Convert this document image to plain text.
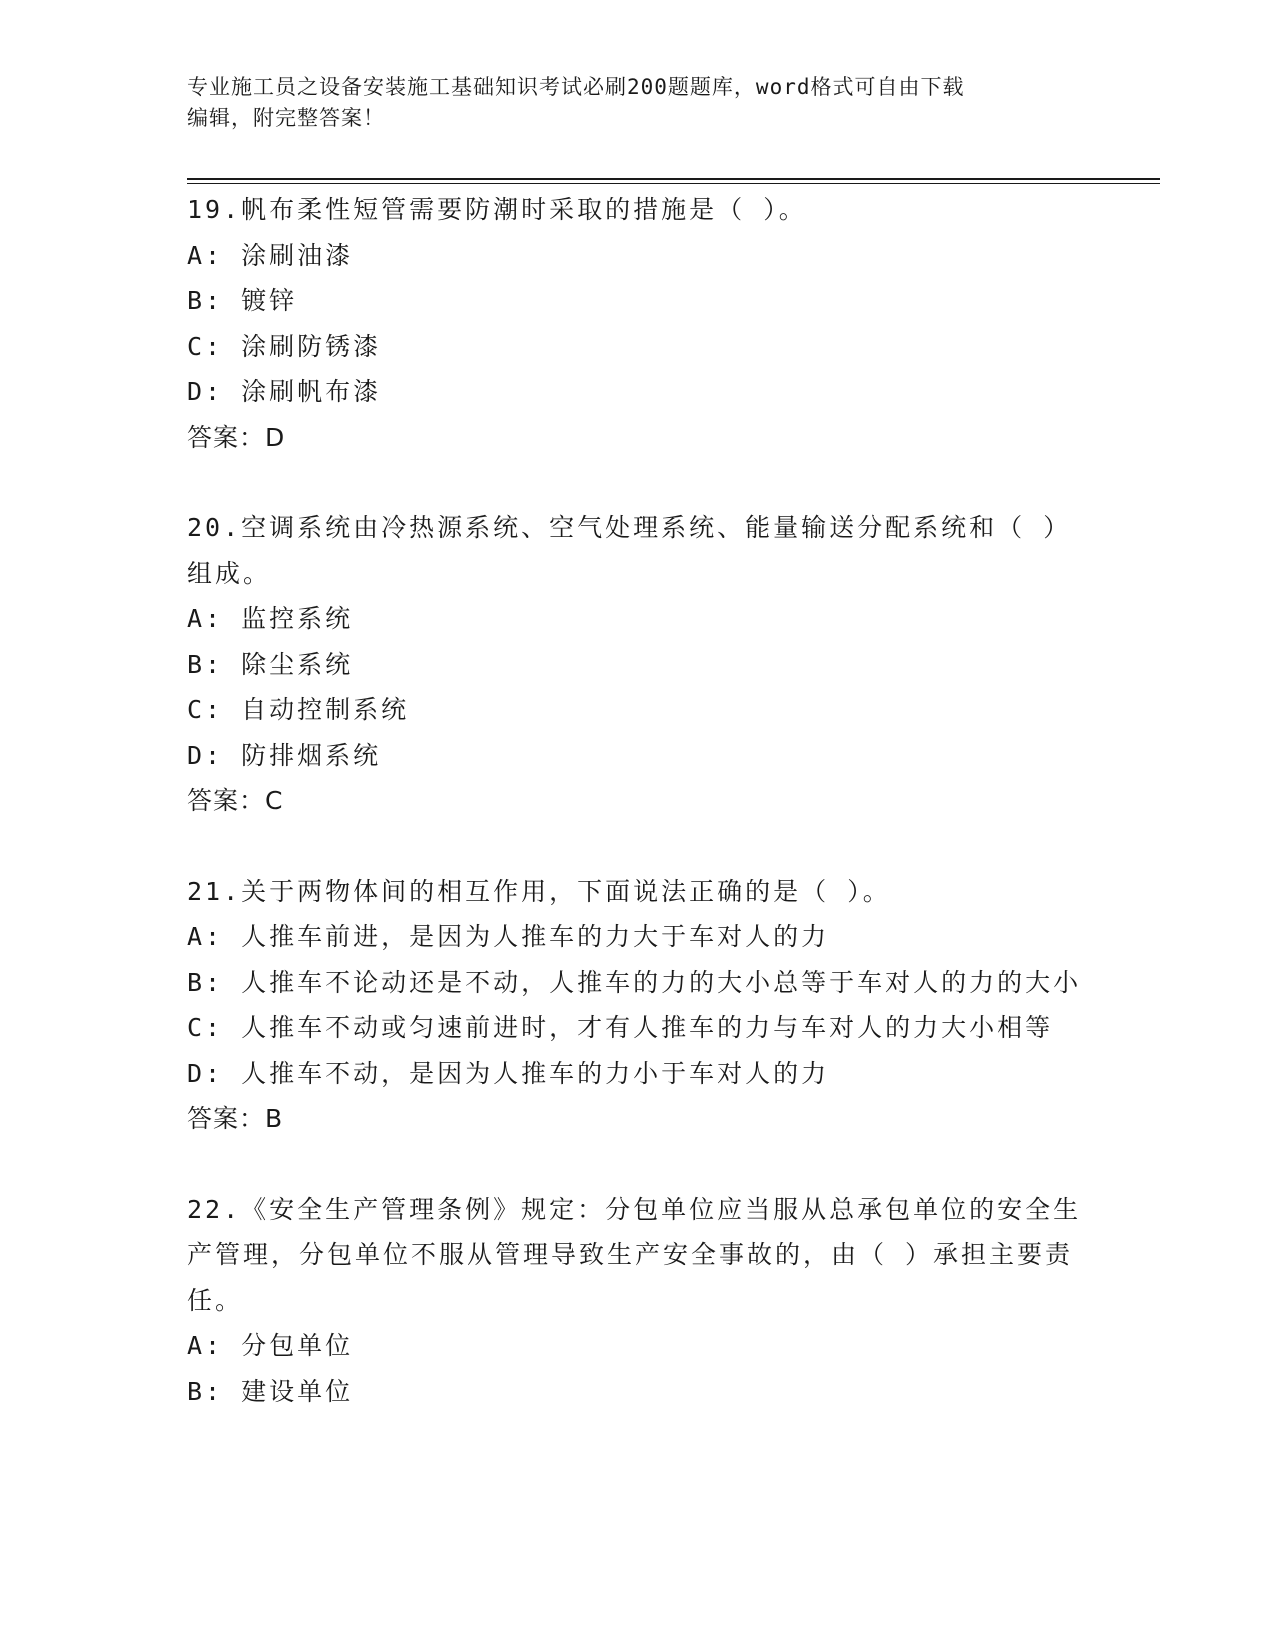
专业施工员之设备安装施工基础知识考试必刷200题题库，word格式可自由下载
编辑，附完整答案！
19.帆布柔性短管需要防潮时采取的措施是（ ）。
A: 涂刷油漆
B: 镀锌
C: 涂刷防锈漆
D: 涂刷帆布漆
答案：D
20.空调系统由冷热源系统、空气处理系统、能量输送分配系统和（ ）组成。
A: 监控系统
B: 除尘系统
C: 自动控制系统
D: 防排烟系统
答案：C
21.关于两物体间的相互作用，下面说法正确的是（ ）。
A: 人推车前进，是因为人推车的力大于车对人的力
B: 人推车不论动还是不动，人推车的力的大小总等于车对人的力的大小
C: 人推车不动或匀速前进时，才有人推车的力与车对人的力大小相等
D: 人推车不动，是因为人推车的力小于车对人的力
答案：B
22.《安全生产管理条例》规定：分包单位应当服从总承包单位的安全生产管理，分包单位不服从管理导致生产安全事故的，由（ ）承担主要责任。
A: 分包单位
B: 建设单位
